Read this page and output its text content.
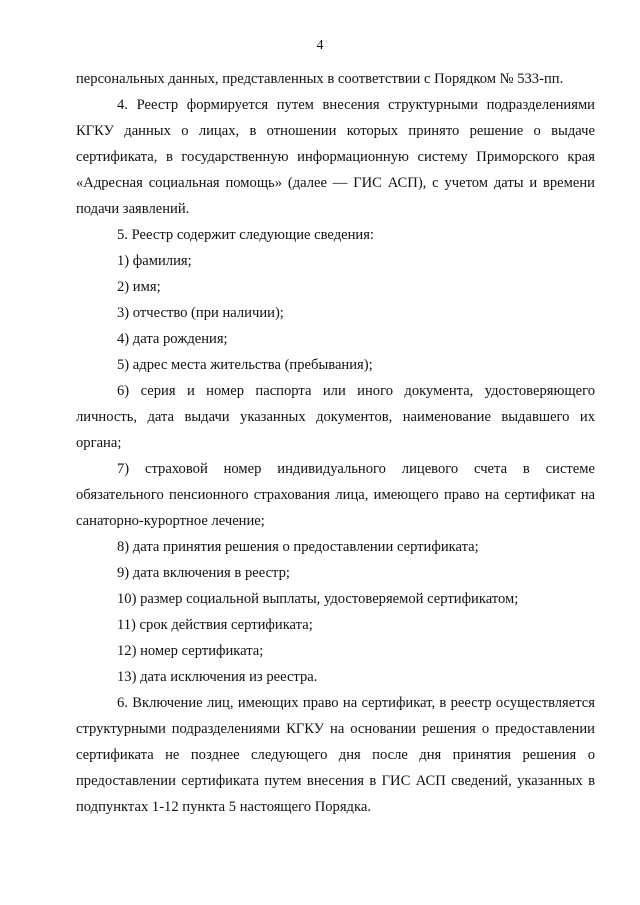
4

персональных данных, представленных в соответствии с Порядком № 533-пп.

4. Реестр формируется путем внесения структурными подразделениями КГКУ данных о лицах, в отношении которых принято решение о выдаче сертификата, в государственную информационную систему Приморского края «Адресная социальная помощь» (далее — ГИС АСП), с учетом даты и времени подачи заявлений.

5. Реестр содержит следующие сведения:

1) фамилия;

2) имя;

3) отчество (при наличии);

4) дата рождения;

5) адрес места жительства (пребывания);

6) серия и номер паспорта или иного документа, удостоверяющего личность, дата выдачи указанных документов, наименование выдавшего их органа;

7) страховой номер индивидуального лицевого счета в системе обязательного пенсионного страхования лица, имеющего право на сертификат на санаторно-курортное лечение;

8) дата принятия решения о предоставлении сертификата;

9) дата включения в реестр;

10) размер социальной выплаты, удостоверяемой сертификатом;

11) срок действия сертификата;

12) номер сертификата;

13) дата исключения из реестра.

6. Включение лиц, имеющих право на сертификат, в реестр осуществляется структурными подразделениями КГКУ на основании решения о предоставлении сертификата не позднее следующего дня после дня принятия решения о предоставлении сертификата путем внесения в ГИС АСП сведений, указанных в подпунктах 1-12 пункта 5 настоящего Порядка.
